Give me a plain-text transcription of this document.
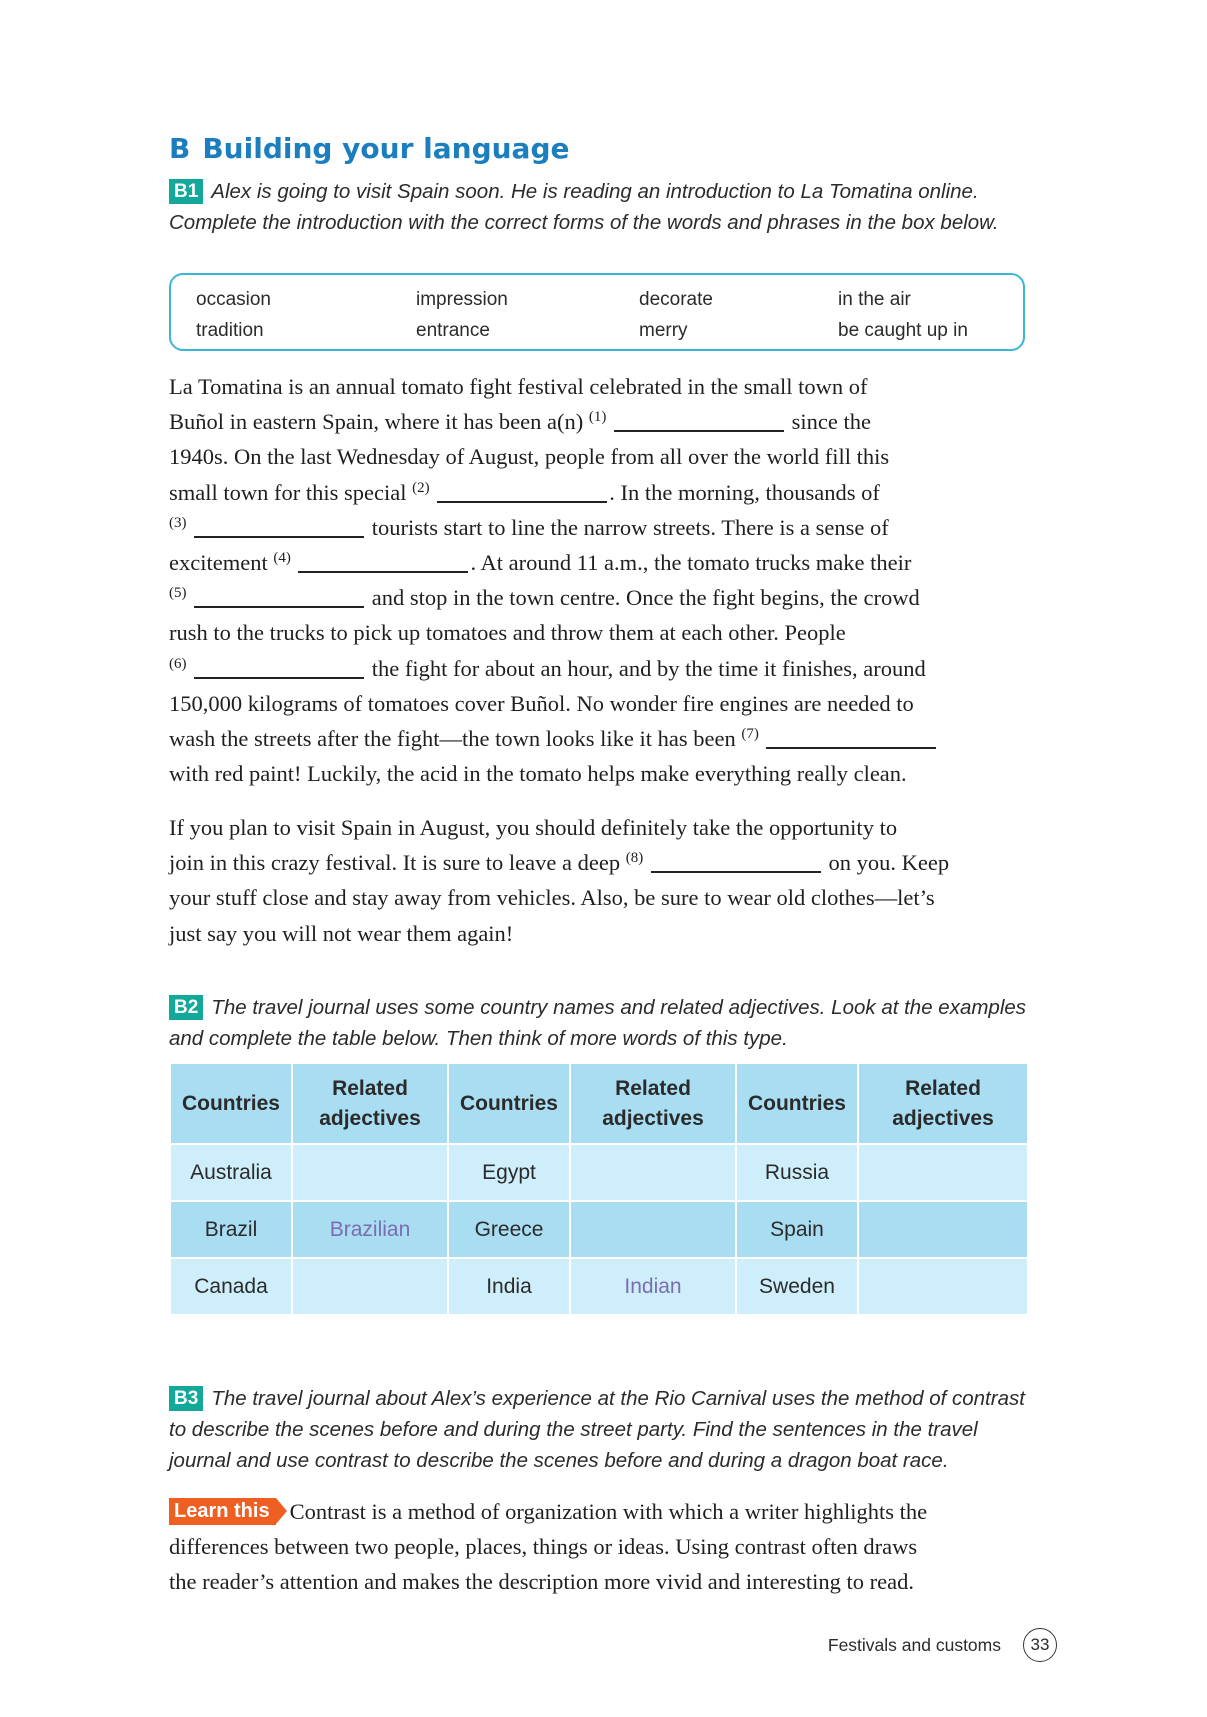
B Building your language
B1 Alex is going to visit Spain soon. He is reading an introduction to La Tomatina online.
Complete the introduction with the correct forms of the words and phrases in the box below.
occasion	impression	decorate	in the air
tradition	entrance	merry	be caught up in
La Tomatina is an annual tomato fight festival celebrated in the small town of
Buñol in eastern Spain, where it has been a(n) $^{(1)}$	since the
1940s. On the last Wednesday of August, people from all over the world fill this
small town for this special $^{(2)}$	. In the morning, thousands of
$^{(3)}$	tourists start to line the narrow streets. There is a sense of
excitement $^{(4)}$	. At around 11 a.m., the tomato trucks make their
$^{(5)}$	and stop in the town centre. Once the fight begins, the crowd
rush to the trucks to pick up tomatoes and throw them at each other. People
$^{(6)}$	the fight for about an hour, and by the time it finishes, around
150,000 kilograms of tomatoes cover Buñol. No wonder fire engines are needed to
wash the streets after the fight—the town looks like it has been $^{(7)}$
with red paint! Luckily, the acid in the tomato helps make everything really clean.
If you plan to visit Spain in August, you should definitely take the opportunity to
join in this crazy festival. It is sure to leave a deep $^{(8)}$	on you. Keep
your stuff close and stay away from vehicles. Also, be sure to wear old clothes—let’s
just say you will not wear them again!
B2 The travel journal uses some country names and related adjectives. Look at the examples
and complete the table below. Then think of more words of this type.
Countries	Related adjectives	Countries	Related adjectives	Countries	Related adjectives
Australia		Egypt		Russia	
Brazil	Brazilian	Greece		Spain	
Canada		India	Indian	Sweden	
B3 The travel journal about Alex’s experience at the Rio Carnival uses the method of contrast
to describe the scenes before and during the street party. Find the sentences in the travel
journal and use contrast to describe the scenes before and during a dragon boat race.
Learn this Contrast is a method of organization with which a writer highlights the
differences between two people, places, things or ideas. Using contrast often draws
the reader’s attention and makes the description more vivid and interesting to read.
Festivals and customs	33
